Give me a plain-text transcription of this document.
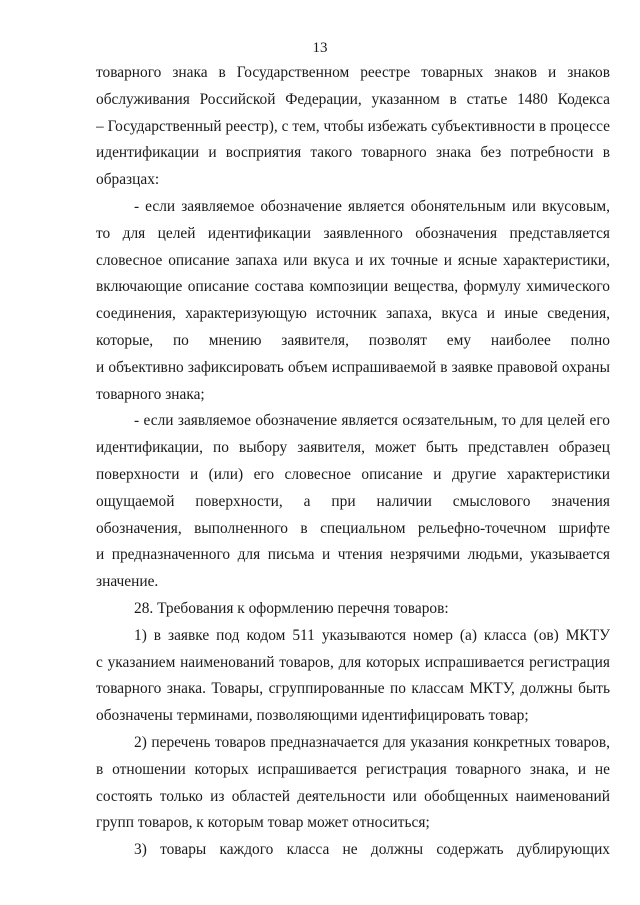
13
товарного знака в Государственном реестре товарных знаков и знаков
обслуживания Российской Федерации, указанном в статье 1480 Кодекса
– Государственный реестр), с тем, чтобы избежать субъективности в процессе
идентификации и восприятия такого товарного знака без потребности в
образцах:
- если заявляемое обозначение является обонятельным или вкусовым,
то для целей идентификации заявленного обозначения представляется
словесное описание запаха или вкуса и их точные и ясные характеристики,
включающие описание состава композиции вещества, формулу химического
соединения, характеризующую источник запаха, вкуса и иные сведения,
которые, по мнению заявителя, позволят ему наиболее полно
и объективно зафиксировать объем испрашиваемой в заявке правовой охраны
товарного знака;
- если заявляемое обозначение является осязательным, то для целей его
идентификации, по выбору заявителя, может быть представлен образец
поверхности и (или) его словесное описание и другие характеристики
ощущаемой поверхности, а при наличии смыслового значения
обозначения, выполненного в специальном рельефно-точечном шрифте
и предназначенного для письма и чтения незрячими людьми, указывается
значение.
28. Требования к оформлению перечня товаров:
1) в заявке под кодом 511 указываются номер (а) класса (ов) МКТУ
с указанием наименований товаров, для которых испрашивается регистрация
товарного знака. Товары, сгруппированные по классам МКТУ, должны быть
обозначены терминами, позволяющими идентифицировать товар;
2) перечень товаров предназначается для указания конкретных товаров,
в отношении которых испрашивается регистрация товарного знака, и не
состоять только из областей деятельности или обобщенных наименований
групп товаров, к которым товар может относиться;
3) товары каждого класса не должны содержать дублирующих
